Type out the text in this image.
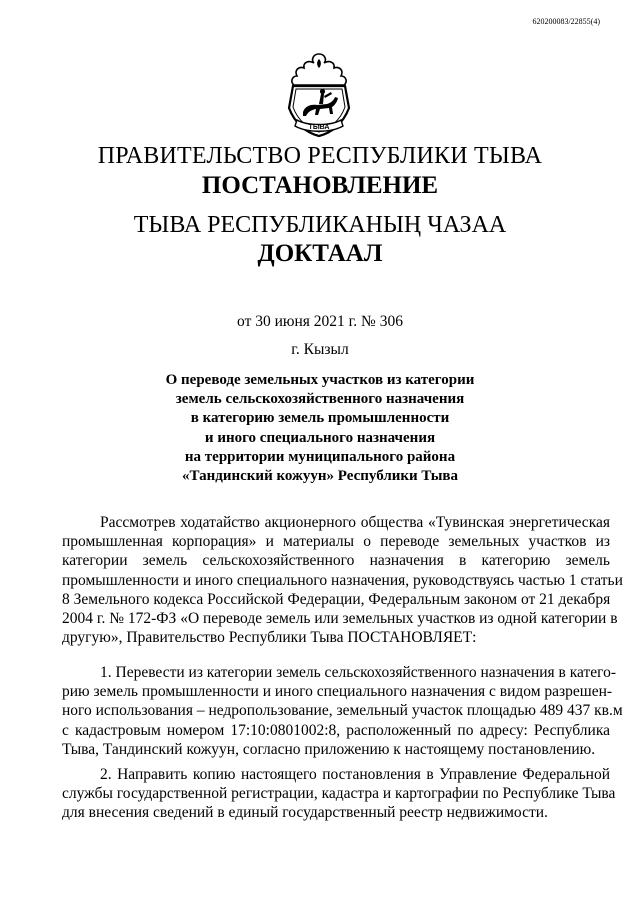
620200083/22855(4)
ТЫВА
ПРАВИТЕЛЬСТВО РЕСПУБЛИКИ ТЫВА
ПОСТАНОВЛЕНИЕ
ТЫВА РЕСПУБЛИКАНЫҢ ЧАЗАА
ДОКТААЛ
от 30 июня 2021 г. № 306
г. Кызыл
О переводе земельных участков из категории
земель сельскохозяйственного назначения
в категорию земель промышленности
и иного специального назначения
на территории муниципального района
«Тандинский кожуун» Республики Тыва
Рассмотрев ходатайство акционерного общества «Тувинская энергетическая
промышленная корпорация» и материалы о переводе земельных участков из
категории земель сельскохозяйственного назначения в категорию земель
промышленности и иного специального назначения, руководствуясь частью 1 статьи
8 Земельного кодекса Российской Федерации, Федеральным законом от 21 декабря
2004 г. № 172-ФЗ «О переводе земель или земельных участков из одной категории в
другую», Правительство Республики Тыва ПОСТАНОВЛЯЕТ:
1. Перевести из категории земель сельскохозяйственного назначения в катего-
рию земель промышленности и иного специального назначения с видом разрешен-
ного использования – недропользование, земельный участок площадью 489 437 кв.м
с кадастровым номером 17:10:0801002:8, расположенный по адресу: Республика
Тыва, Тандинский кожуун, согласно приложению к настоящему постановлению.
2. Направить копию настоящего постановления в Управление Федеральной
службы государственной регистрации, кадастра и картографии по Республике Тыва
для внесения сведений в единый государственный реестр недвижимости.
